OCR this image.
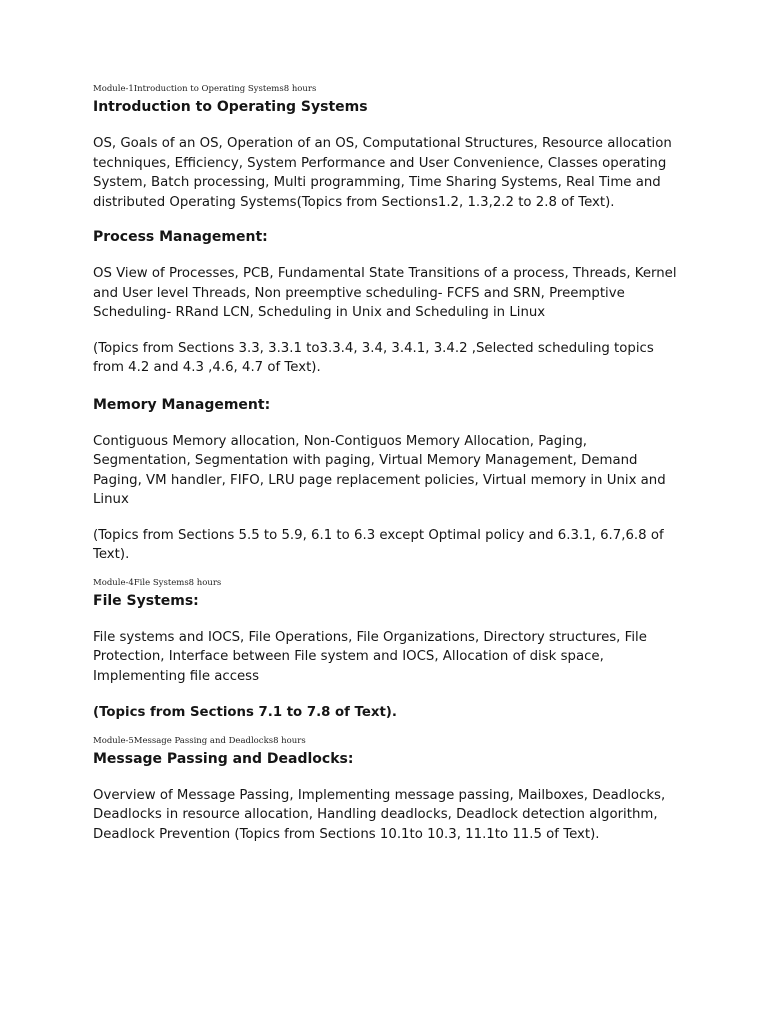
Module-1Introduction to Operating Systems8 hours

Introduction to Operating Systems

OS, Goals of an OS, Operation of an OS, Computational Structures, Resource allocation techniques, Efficiency, System Performance and User Convenience, Classes operating System, Batch processing, Multi programming, Time Sharing Systems, Real Time and distributed Operating Systems(Topics from Sections1.2, 1.3,2.2 to 2.8 of Text).

Process Management:

OS View of Processes, PCB, Fundamental State Transitions of a process, Threads, Kernel and User level Threads, Non preemptive scheduling- FCFS and SRN, Preemptive Scheduling- RRand LCN, Scheduling in Unix and Scheduling in Linux

(Topics from Sections 3.3, 3.3.1 to3.3.4, 3.4, 3.4.1, 3.4.2 ,Selected scheduling topics from 4.2 and 4.3 ,4.6, 4.7 of Text).

Memory Management:

Contiguous Memory allocation, Non-Contiguos Memory Allocation, Paging, Segmentation, Segmentation with paging, Virtual Memory Management, Demand Paging, VM handler, FIFO, LRU page replacement policies, Virtual memory in Unix and Linux

(Topics from Sections 5.5 to 5.9, 6.1 to 6.3 except Optimal policy and 6.3.1, 6.7,6.8 of Text).

Module-4File Systems8 hours

File Systems:

File systems and IOCS, File Operations, File Organizations, Directory structures, File Protection, Interface between File system and IOCS, Allocation of disk space, Implementing file access

(Topics from Sections 7.1 to 7.8 of Text).

Module-5Message Passing and Deadlocks8 hours

Message Passing and Deadlocks:

Overview of Message Passing, Implementing message passing, Mailboxes, Deadlocks, Deadlocks in resource allocation, Handling deadlocks, Deadlock detection algorithm, Deadlock Prevention (Topics from Sections 10.1to 10.3, 11.1to 11.5 of Text).
